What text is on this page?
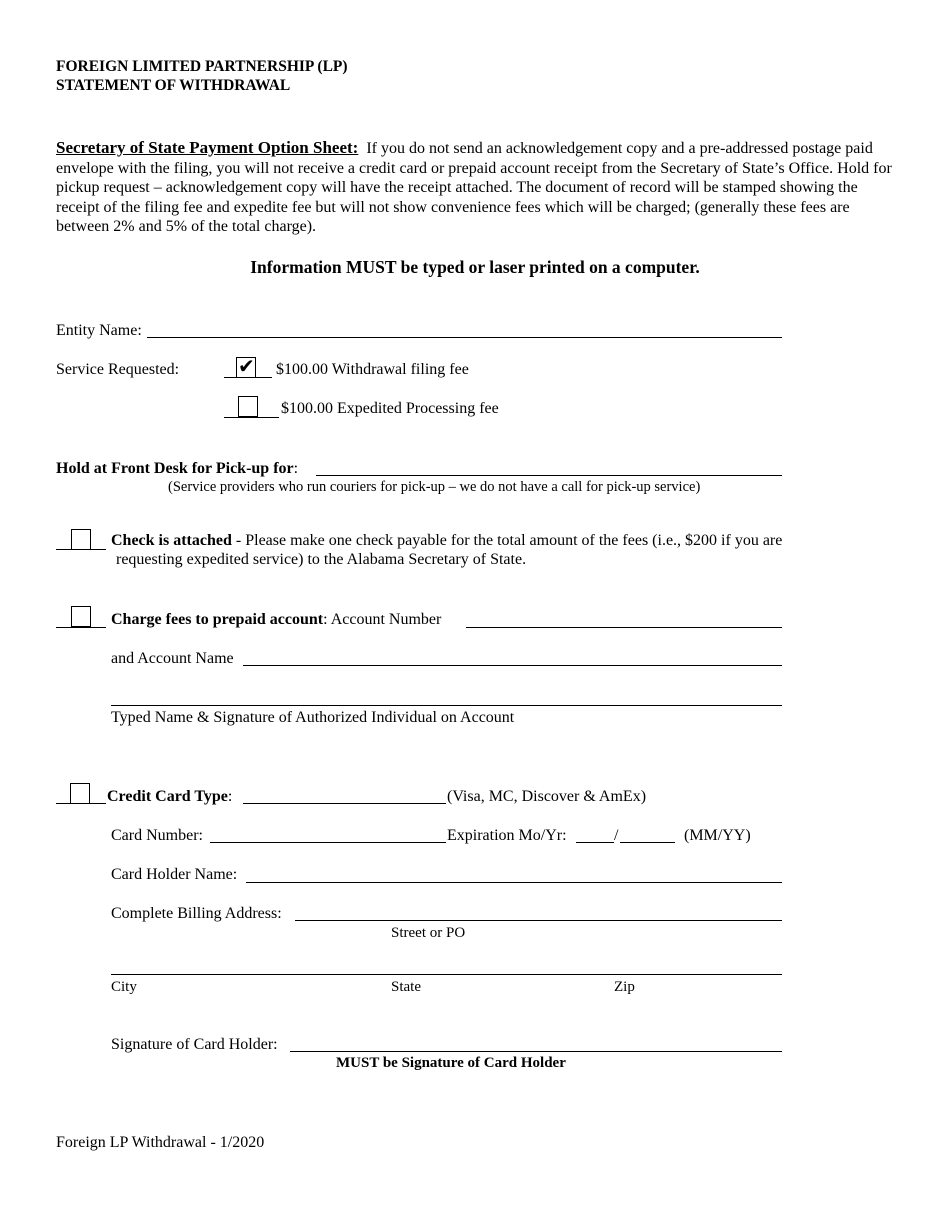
FOREIGN LIMITED PARTNERSHIP (LP)
STATEMENT OF WITHDRAWAL
Secretary of State Payment Option Sheet: If you do not send an acknowledgement copy and a pre-addressed postage paid envelope with the filing, you will not receive a credit card or prepaid account receipt from the Secretary of State’s Office. Hold for pickup request – acknowledgement copy will have the receipt attached. The document of record will be stamped showing the receipt of the filing fee and expedite fee but will not show convenience fees which will be charged; (generally these fees are between 2% and 5% of the total charge).
Information MUST be typed or laser printed on a computer.
Entity Name:
Service Requested:	✔ $100.00 Withdrawal filing fee
$100.00 Expedited Processing fee
Hold at Front Desk for Pick-up for:
(Service providers who run couriers for pick-up – we do not have a call for pick-up service)
Check is attached - Please make one check payable for the total amount of the fees (i.e., $200 if you are
requesting expedited service) to the Alabama Secretary of State.
Charge fees to prepaid account: Account Number
and Account Name
Typed Name & Signature of Authorized Individual on Account
Credit Card Type:	(Visa, MC, Discover & AmEx)
Card Number:	Expiration Mo/Yr:	/	(MM/YY)
Card Holder Name:
Complete Billing Address:
Street or PO
City	State	Zip
Signature of Card Holder:
MUST be Signature of Card Holder
Foreign LP Withdrawal - 1/2020
